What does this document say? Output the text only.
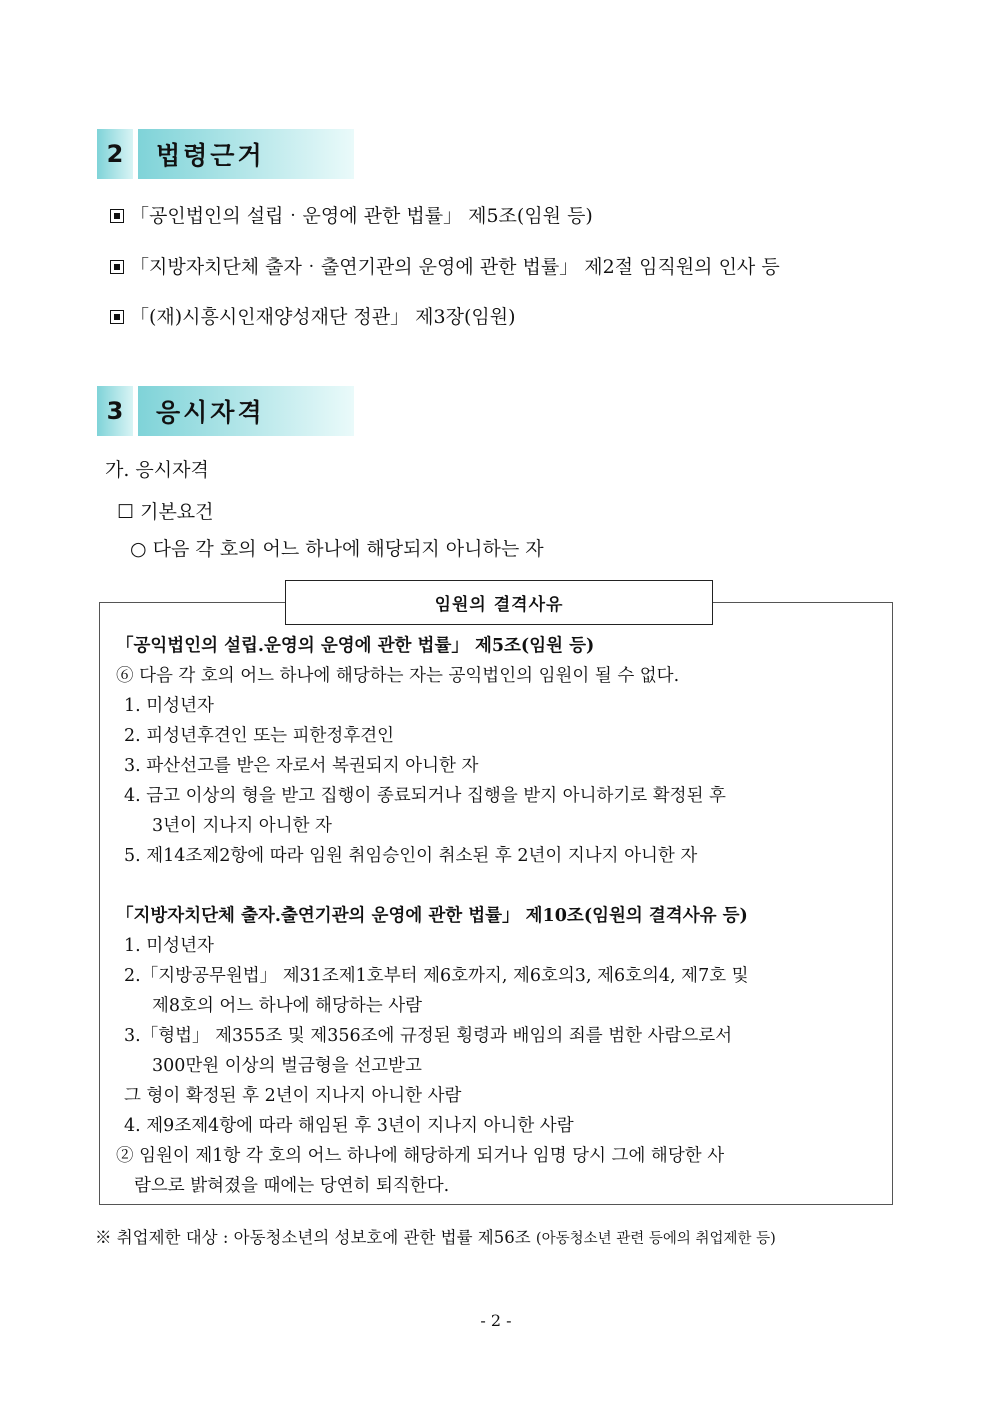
2	법령근거
「공인법인의 설립‧운영에 관한 법률」 제5조(임원 등)
「지방자치단체 출자‧출연기관의 운영에 관한 법률」 제2절 임직원의 인사 등
「(재)시흥시인재양성재단 정관」 제3장(임원)
3	응시자격
가. 응시자격
☐ 기본요건
○ 다음 각 호의 어느 하나에 해당되지 아니하는 자
임원의 결격사유
「공익법인의 설립․운영의 운영에 관한 법률」 제5조(임원 등)
⑥ 다음 각 호의 어느 하나에 해당하는 자는 공익법인의 임원이 될 수 없다.
1. 미성년자
2. 피성년후견인 또는 피한정후견인
3. 파산선고를 받은 자로서 복권되지 아니한 자
4. 금고 이상의 형을 받고 집행이 종료되거나 집행을 받지 아니하기로 확정된 후
3년이 지나지 아니한 자
5. 제14조제2항에 따라 임원 취임승인이 취소된 후 2년이 지나지 아니한 자
「지방자치단체 출자․출연기관의 운영에 관한 법률」 제10조(임원의 결격사유 등)
1. 미성년자
2.「지방공무원법」 제31조제1호부터 제6호까지, 제6호의3, 제6호의4, 제7호 및
제8호의 어느 하나에 해당하는 사람
3.「형법」 제355조 및 제356조에 규정된 횡령과 배임의 죄를 범한 사람으로서
300만원 이상의 벌금형을 선고받고
그 형이 확정된 후 2년이 지나지 아니한 사람
4. 제9조제4항에 따라 해임된 후 3년이 지나지 아니한 사람
② 임원이 제1항 각 호의 어느 하나에 해당하게 되거나 임명 당시 그에 해당한 사
람으로 밝혀졌을 때에는 당연히 퇴직한다.
※ 취업제한 대상 : 아동청소년의 성보호에 관한 법률 제56조 (아동청소년 관련 등에의 취업제한 등)
- 2 -
